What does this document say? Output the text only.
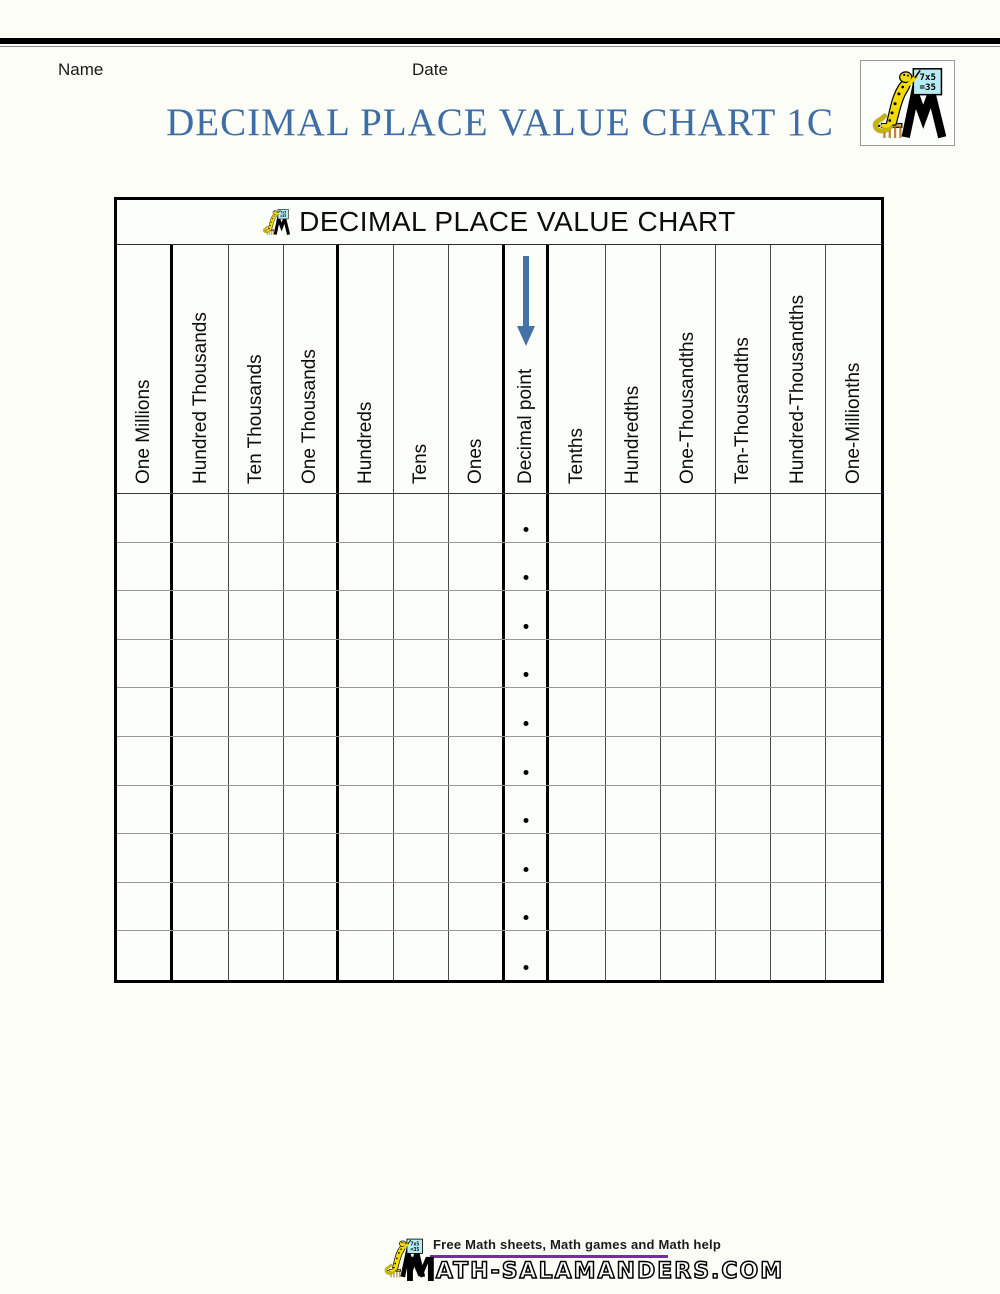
Name	Date
DECIMAL PLACE VALUE CHART 1C
DECIMAL PLACE VALUE CHART
One Millions Hundred Thousands Ten Thousands One Thousands Hundreds Tens Ones Decimal point Tenths Hundredths One-Thousandths Ten-Thousandths Hundred-Thousandths One-Millionths
Free Math sheets, Math games and Math help
M ATH-SALAMANDERS.COM
